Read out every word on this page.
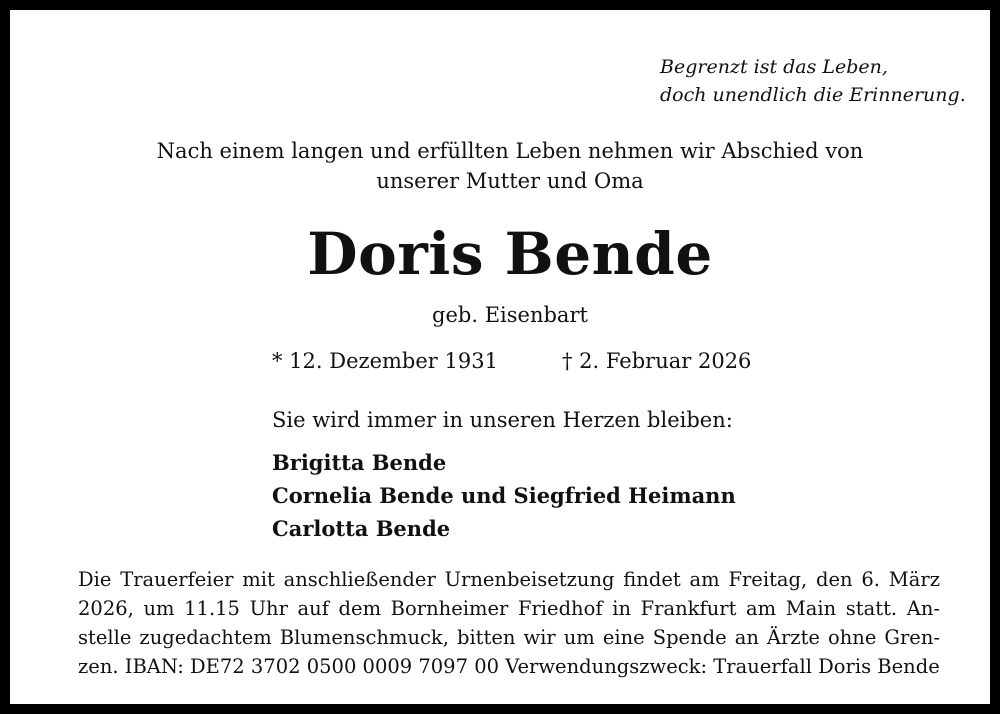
Begrenzt ist das Leben,
doch unendlich die Erinnerung.
Nach einem langen und erfüllten Leben nehmen wir Abschied von
unserer Mutter und Oma
Doris Bende
geb. Eisenbart
* 12. Dezember 1931	† 2. Februar 2026
Sie wird immer in unseren Herzen bleiben:
Brigitta Bende
Cornelia Bende und Siegfried Heimann
Carlotta Bende
Die Trauerfeier mit anschließender Urnenbeisetzung findet am Freitag, den 6. März
2026, um 11.15 Uhr auf dem Bornheimer Friedhof in Frankfurt am Main statt. An-
stelle zugedachtem Blumenschmuck, bitten wir um eine Spende an Ärzte ohne Gren-
zen. IBAN: DE72 3702 0500 0009 7097 00 Verwendungszweck: Trauerfall Doris Bende
